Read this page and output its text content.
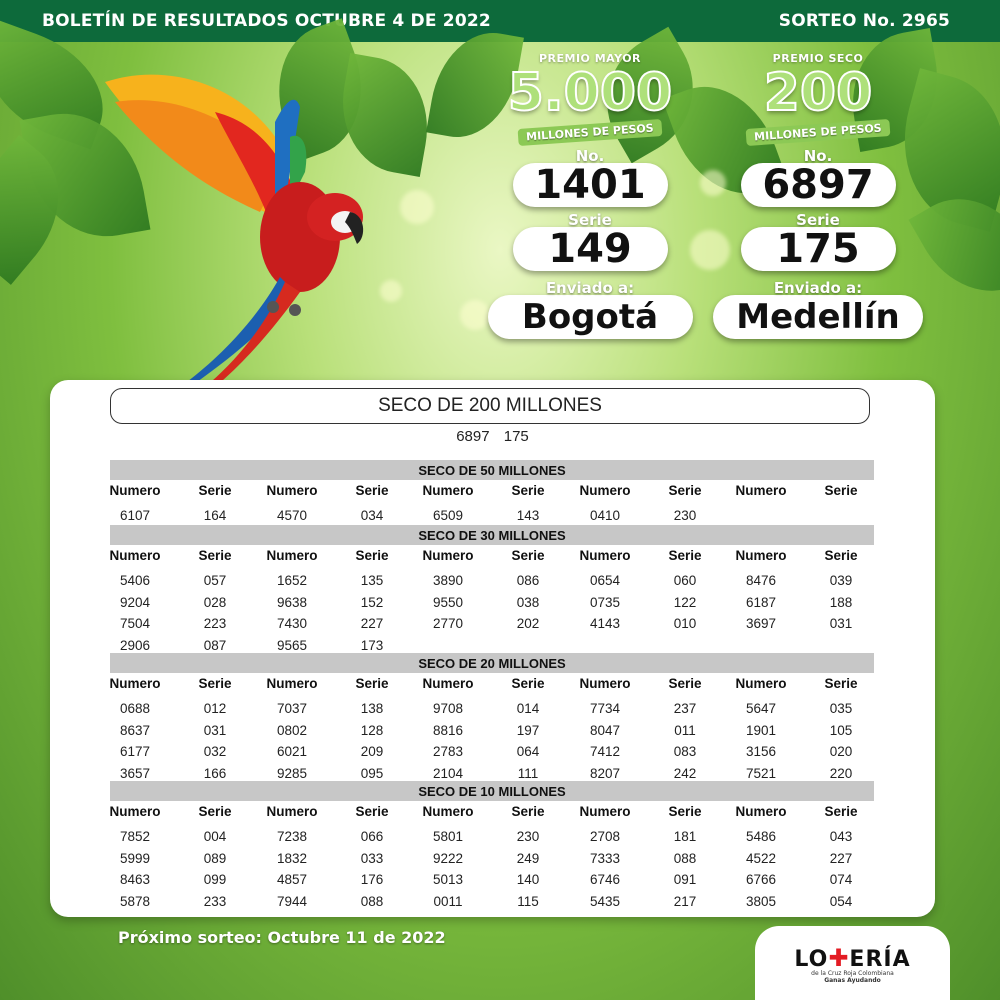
BOLETÍN DE RESULTADOS OCTUBRE 4 DE 2022	SORTEO No. 2965
PREMIO MAYOR
5.000
MILLONES DE PESOS
No.
1401
Serie
149
Enviado a:
Bogotá
PREMIO SECO
200
MILLONES DE PESOS
No.
6897
Serie
175
Enviado a:
Medellín
SECO DE 200 MILLONES
6897 175
SECO DE 50 MILLONES
Numero	Serie	Numero	Serie	Numero	Serie	Numero	Serie	Numero	Serie
6107	164	4570	034	6509	143	0410	230
SECO DE 30 MILLONES
Numero	Serie	Numero	Serie	Numero	Serie	Numero	Serie	Numero	Serie
5406	057	1652	135	3890	086	0654	060	8476	039
9204	028	9638	152	9550	038	0735	122	6187	188
7504	223	7430	227	2770	202	4143	010	3697	031
2906	087	9565	173
SECO DE 20 MILLONES
Numero	Serie	Numero	Serie	Numero	Serie	Numero	Serie	Numero	Serie
0688	012	7037	138	9708	014	7734	237	5647	035
8637	031	0802	128	8816	197	8047	011	1901	105
6177	032	6021	209	2783	064	7412	083	3156	020
3657	166	9285	095	2104	111	8207	242	7521	220
SECO DE 10 MILLONES
Numero	Serie	Numero	Serie	Numero	Serie	Numero	Serie	Numero	Serie
7852	004	7238	066	5801	230	2708	181	5486	043
5999	089	1832	033	9222	249	7333	088	4522	227
8463	099	4857	176	5013	140	6746	091	6766	074
5878	233	7944	088	0011	115	5435	217	3805	054
Próximo sorteo: Octubre 11 de 2022
LO✚ERÍA
de la Cruz Roja Colombiana
Ganas Ayudando
